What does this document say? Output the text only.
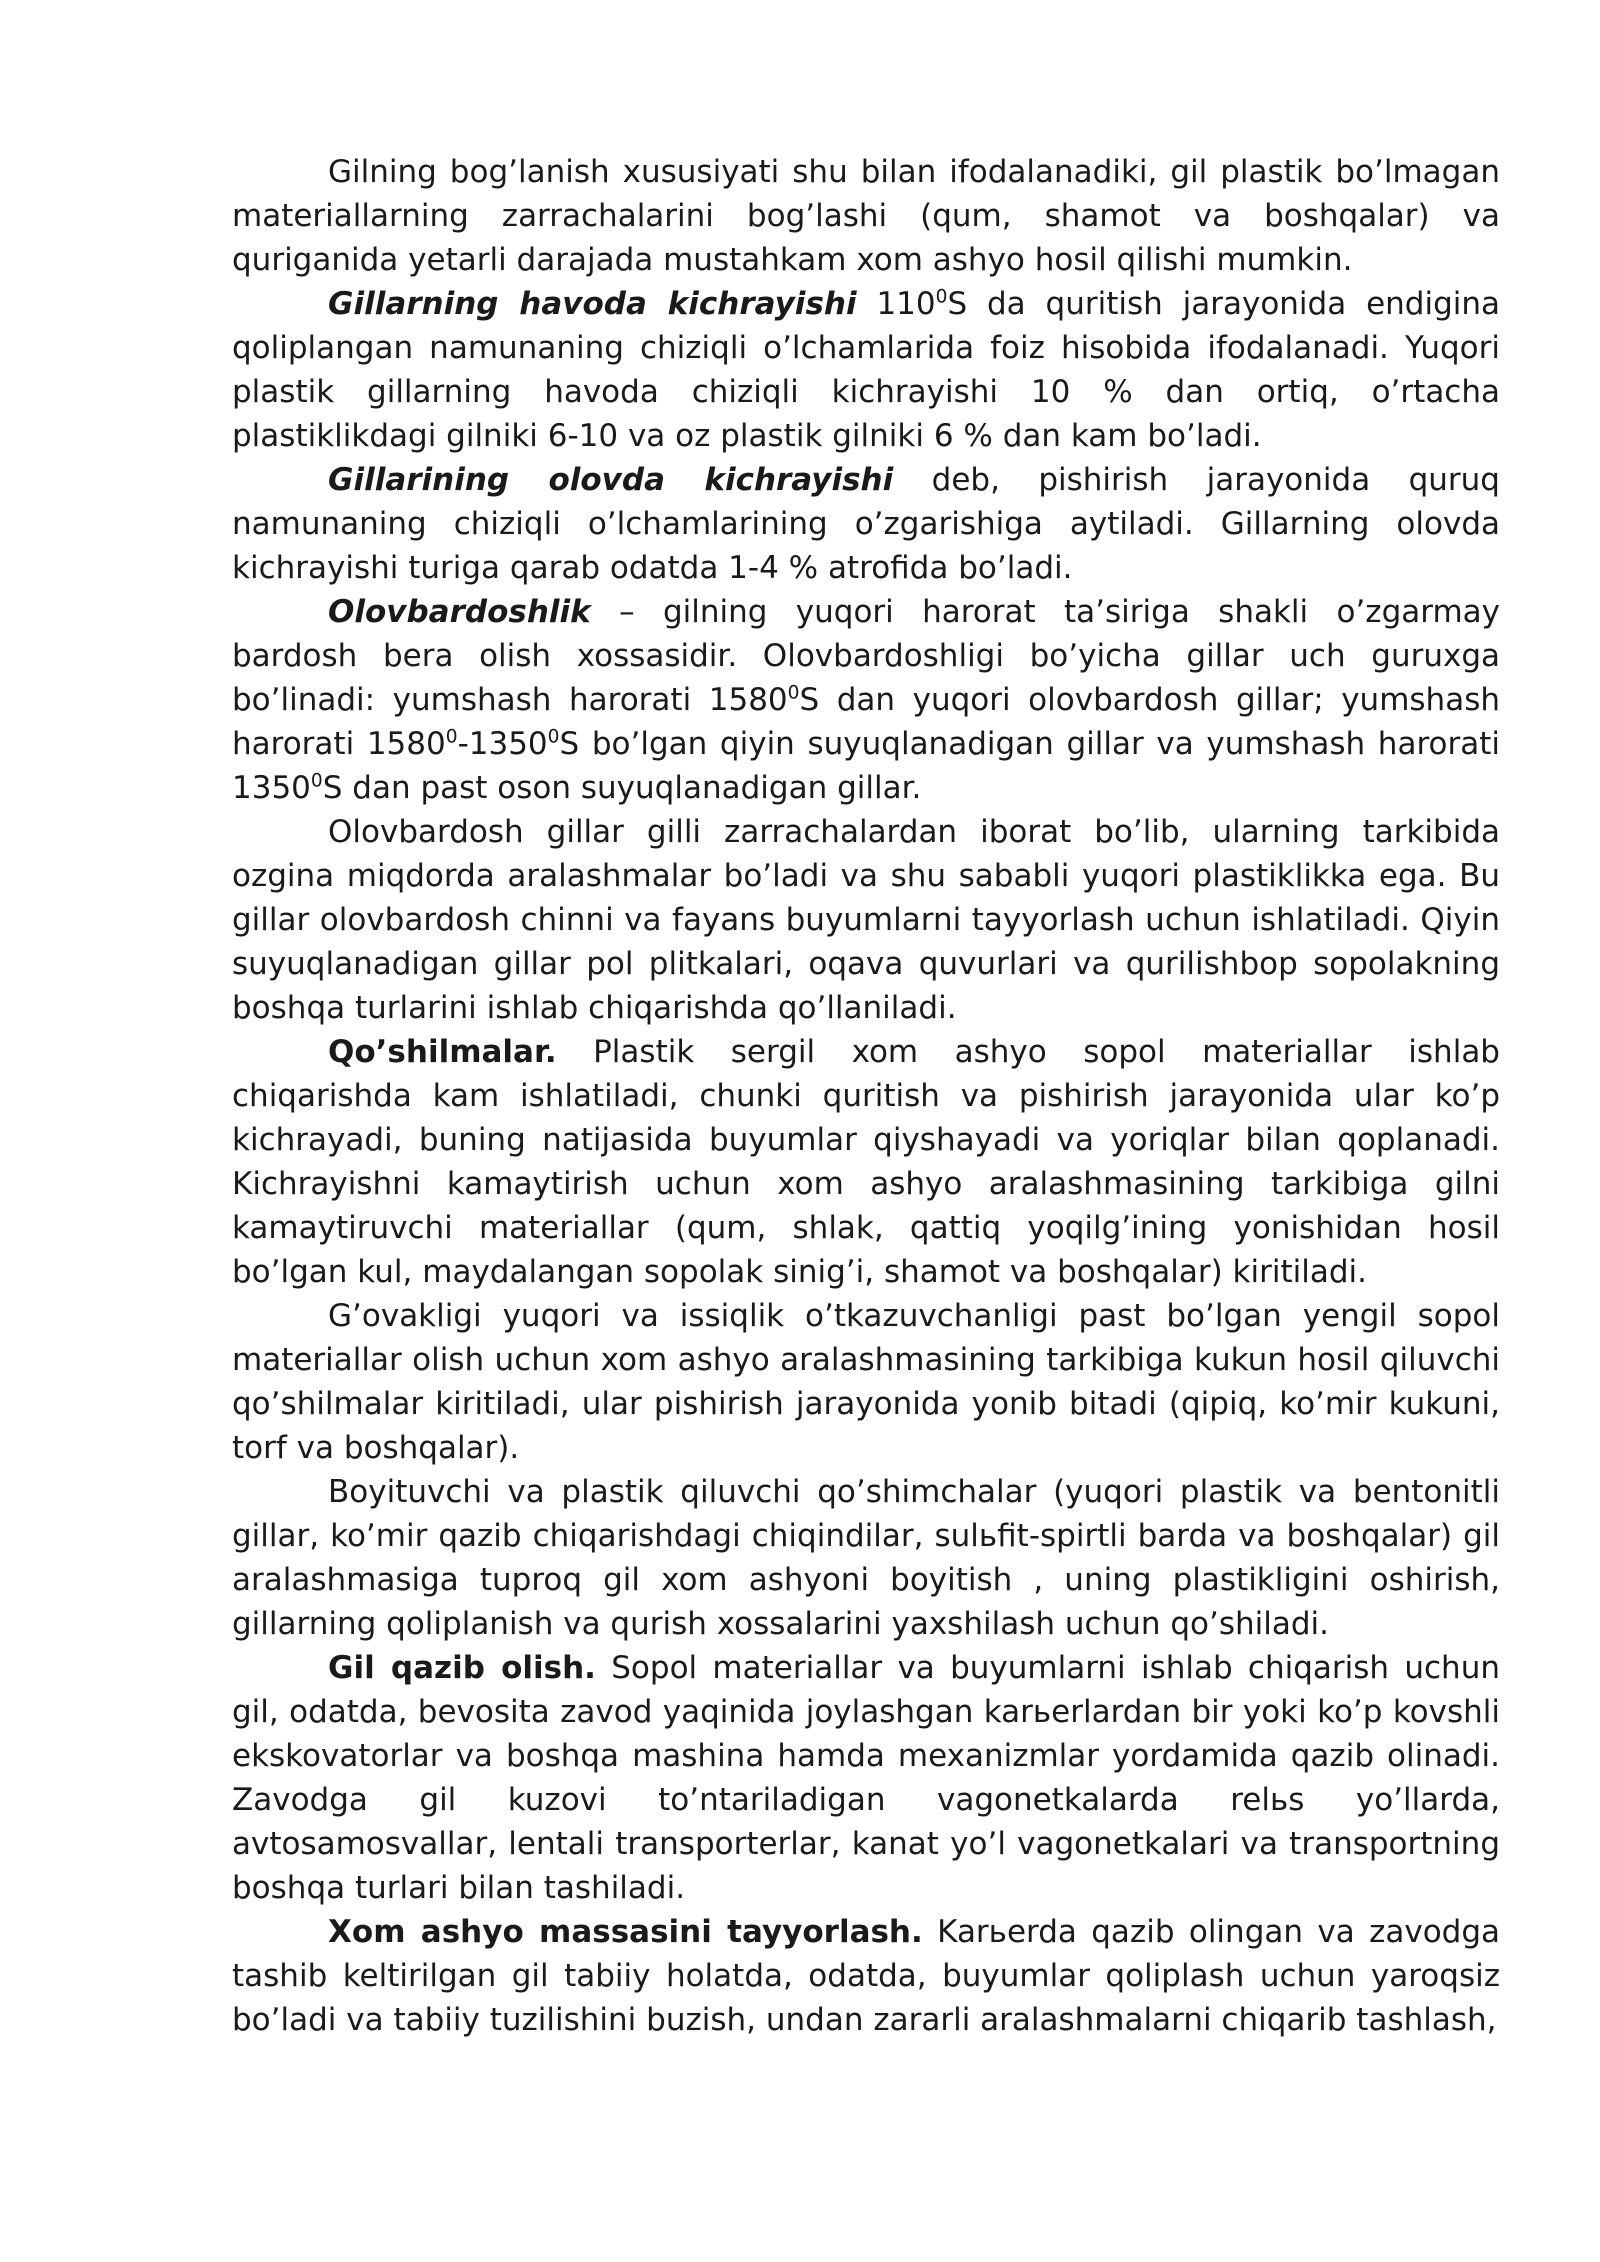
Gilning bog’lanish xususiyati shu bilan ifodalanadiki, gil plastik bo’lmagan materiallarning zarrachalarini bog’lashi (qum, shamot va boshqalar) va quriganida yetarli darajada mustahkam xom ashyo hosil qilishi mumkin.

Gillarning havoda kichrayishi $110^0S$ da quritish jarayonida endigina qoliplangan namunaning chiziqli o’lchamlarida foiz hisobida ifodalanadi. Yuqori plastik gillarning havoda chiziqli kichrayishi 10 % dan ortiq, o’rtacha plastiklikdagi gilniki 6-10 va oz plastik gilniki 6 % dan kam bo’ladi.

Gillarining olovda kichrayishi deb, pishirish jarayonida quruq namunaning chiziqli o’lchamlarining o’zgarishiga aytiladi. Gillarning olovda kichrayishi turiga qarab odatda 1-4 % atrofida bo’ladi.

Olovbardoshlik – gilning yuqori harorat ta’siriga shakli o’zgarmay bardosh bera olish xossasidir. Olovbardoshligi bo’yicha gillar uch guruxga bo’linadi: yumshash harorati 1580$^0$S dan yuqori olovbardosh gillar; yumshash harorati 1580$^0$-1350$^0$S bo’lgan qiyin suyuqlanadigan gillar va yumshash harorati 1350$^0$S dan past oson suyuqlanadigan gillar.

Olovbardosh gillar gilli zarrachalardan iborat bo’lib, ularning tarkibida ozgina miqdorda aralashmalar bo’ladi va shu sababli yuqori plastiklikka ega. Bu gillar olovbardosh chinni va fayans buyumlarni tayyorlash uchun ishlatiladi. Qiyin suyuqlanadigan gillar pol plitkalari, oqava quvurlari va qurilishbop sopolakning boshqa turlarini ishlab chiqarishda qo’llaniladi.

Qo’shilmalar. Plastik sergil xom ashyo sopol materiallar ishlab chiqarishda kam ishlatiladi, chunki quritish va pishirish jarayonida ular ko’p kichrayadi, buning natijasida buyumlar qiyshayadi va yoriqlar bilan qoplanadi. Kichrayishni kamaytirish uchun xom ashyo aralashmasining tarkibiga gilni kamaytiruvchi materiallar (qum, shlak, qattiq yoqilg’ining yonishidan hosil bo’lgan kul, maydalangan sopolak sinig’i, shamot va boshqalar) kiritiladi.

G’ovakligi yuqori va issiqlik o’tkazuvchanligi past bo’lgan yengil sopol materiallar olish uchun xom ashyo aralashmasining tarkibiga kukun hosil qiluvchi qo’shilmalar kiritiladi, ular pishirish jarayonida yonib bitadi (qipiq, ko’mir kukuni, torf va boshqalar).

Boyituvchi va plastik qiluvchi qo’shimchalar (yuqori plastik va bentonitli gillar, ko’mir qazib chiqarishdagi chiqindilar, sulьfit-spirtli barda va boshqalar) gil aralashmasiga tuproq gil xom ashyoni boyitish , uning plastikligini oshirish, gillarning qoliplanish va qurish xossalarini yaxshilash uchun qo’shiladi.

Gil qazib olish. Sopol materiallar va buyumlarni ishlab chiqarish uchun gil, odatda, bevosita zavod yaqinida joylashgan karьerlardan bir yoki ko’p kovshli ekskovatorlar va boshqa mashina hamda mexanizmlar yordamida qazib olinadi. Zavodga gil kuzovi to’ntariladigan vagonetkalarda relьs yo’llarda, avtosamosvallar, lentali transporterlar, kanat yo’l vagonetkalari va transportning boshqa turlari bilan tashiladi.

Xom ashyo massasini tayyorlash. Karьerda qazib olingan va zavodga tashib keltirilgan gil tabiiy holatda, odatda, buyumlar qoliplash uchun yaroqsiz bo’ladi va tabiiy tuzilishini buzish, undan zararli aralashmalarni chiqarib tashlash,
